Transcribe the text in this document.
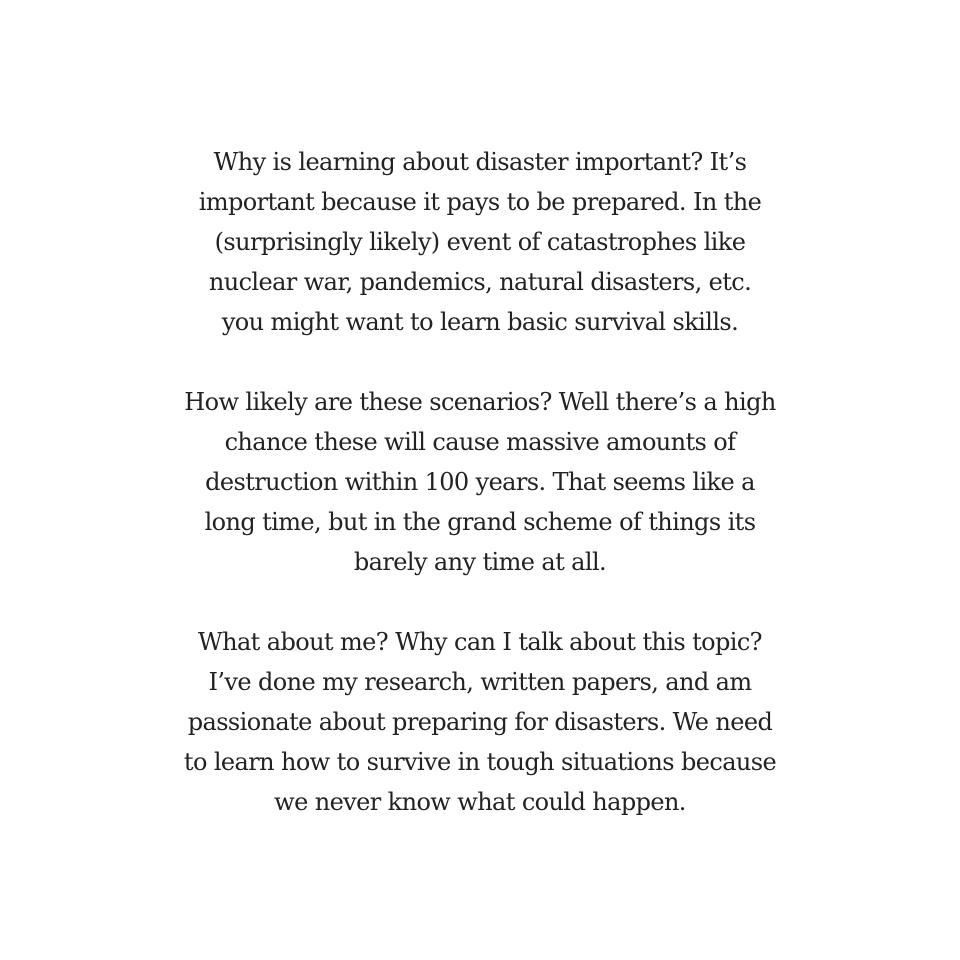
Why is learning about disaster important? It’s
important because it pays to be prepared. In the
(surprisingly likely) event of catastrophes like
nuclear war, pandemics, natural disasters, etc.
you might want to learn basic survival skills.

How likely are these scenarios? Well there’s a high
chance these will cause massive amounts of
destruction within 100 years. That seems like a
long time, but in the grand scheme of things its
barely any time at all.

What about me? Why can I talk about this topic?
I’ve done my research, written papers, and am
passionate about preparing for disasters. We need
to learn how to survive in tough situations because
we never know what could happen.
